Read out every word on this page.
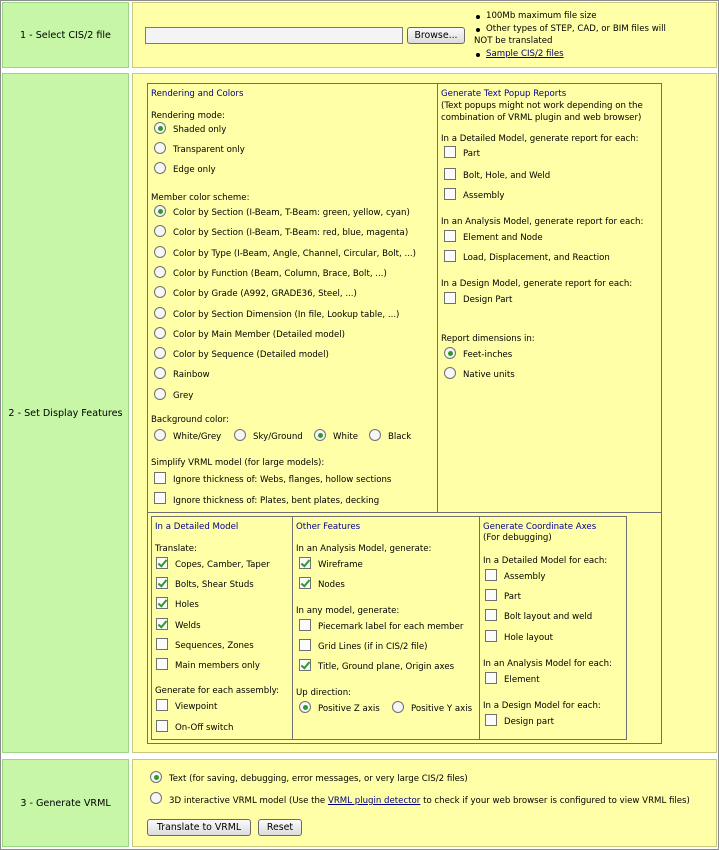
1 - Select CIS/2 file	Browse...
100Mb maximum file size
Other types of STEP, CAD, or BIM files will
NOT be translated
Sample CIS/2 files
2 - Set Display Features
Rendering and Colors
Rendering mode:
Shaded only
Transparent only
Edge only
Member color scheme:
Color by Section (I-Beam, T-Beam: green, yellow, cyan)
Color by Section (I-Beam, T-Beam: red, blue, magenta)
Color by Type (I-Beam, Angle, Channel, Circular, Bolt, ...)
Color by Function (Beam, Column, Brace, Bolt, ...)
Color by Grade (A992, GRADE36, Steel, ...)
Color by Section Dimension (In file, Lookup table, ...)
Color by Main Member (Detailed model)
Color by Sequence (Detailed model)
Rainbow
Grey
Background color:
White/Grey	Sky/Ground	White	Black
Simplify VRML model (for large models):
Ignore thickness of: Webs, flanges, hollow sections
Ignore thickness of: Plates, bent plates, decking
Generate Text Popup Reports
(Text popups might not work depending on the
combination of VRML plugin and web browser)
In a Detailed Model, generate report for each:
In an Analysis Model, generate report for each:
In a Design Model, generate report for each:
Report dimensions in:
Part
Bolt, Hole, and Weld
Assembly
Element and Node
Load, Displacement, and Reaction
Design Part
Feet-inches
Native units
In a Detailed Model
Translate:
Generate for each assembly:
Copes, Camber, Taper
Bolts, Shear Studs
Holes
Welds
Sequences, Zones
Main members only
Viewpoint
On-Off switch
Other Features
In an Analysis Model, generate:
In any model, generate:
Up direction:
Wireframe
Nodes
Piecemark label for each member
Grid Lines (if in CIS/2 file)
Title, Ground plane, Origin axes
Positive Z axis	Positive Y axis
Generate Coordinate Axes
(For debugging)
In a Detailed Model for each:
In an Analysis Model for each:
In a Design Model for each:
Assembly
Part
Bolt layout and weld
Hole layout
Element
Design part
3 - Generate VRML
Text (for saving, debugging, error messages, or very large CIS/2 files)
3D interactive VRML model (Use the VRML plugin detector to check if your web browser is configured to view VRML files)
Translate to VRML	Reset
